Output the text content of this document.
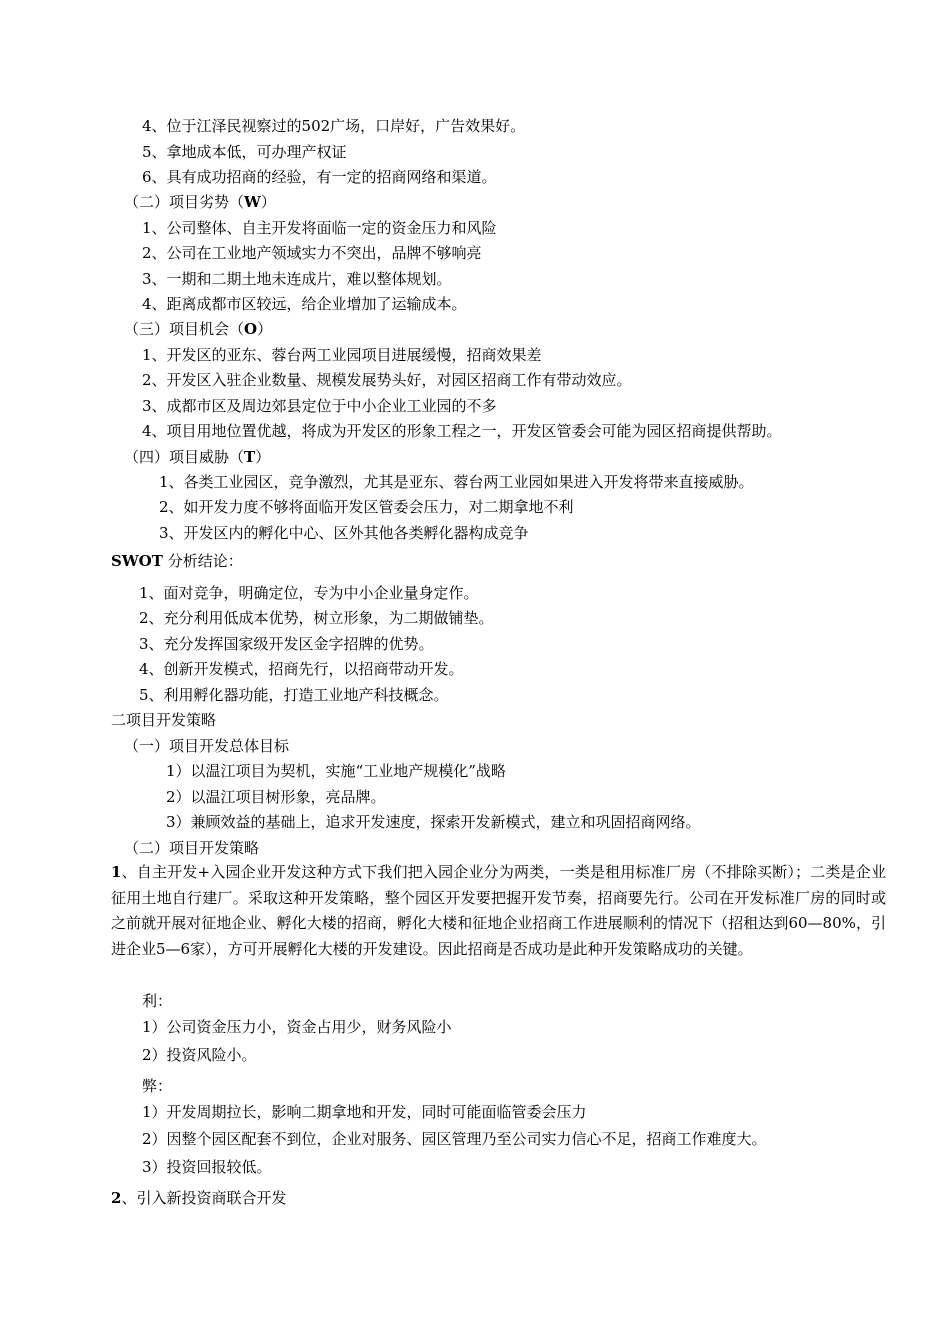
4、位于江泽民视察过的502广场，口岸好，广告效果好。
5、拿地成本低，可办理产权证
6、具有成功招商的经验，有一定的招商网络和渠道。
（二）项目劣势（W）
1、公司整体、自主开发将面临一定的资金压力和风险
2、公司在工业地产领域实力不突出，品牌不够响亮
3、一期和二期土地未连成片，难以整体规划。
4、距离成都市区较远，给企业增加了运输成本。
（三）项目机会（O）
1、开发区的亚东、蓉台两工业园项目进展缓慢，招商效果差
2、开发区入驻企业数量、规模发展势头好，对园区招商工作有带动效应。
3、成都市区及周边郊县定位于中小企业工业园的不多
4、项目用地位置优越，将成为开发区的形象工程之一，开发区管委会可能为园区招商提供帮助。
（四）项目威胁（T）
1、各类工业园区，竞争激烈，尤其是亚东、蓉台两工业园如果进入开发将带来直接威胁。
2、如开发力度不够将面临开发区管委会压力，对二期拿地不利
3、开发区内的孵化中心、区外其他各类孵化器构成竞争
SWOT 分析结论：
1、面对竞争，明确定位，专为中小企业量身定作。
2、充分利用低成本优势，树立形象，为二期做铺垫。
3、充分发挥国家级开发区金字招牌的优势。
4、创新开发模式，招商先行，以招商带动开发。
5、利用孵化器功能，打造工业地产科技概念。
二项目开发策略
（一）项目开发总体目标
1）以温江项目为契机，实施“工业地产规模化”战略
2）以温江项目树形象，亮品牌。
3）兼顾效益的基础上，追求开发速度，探索开发新模式，建立和巩固招商网络。
（二）项目开发策略
1、自主开发+入园企业开发这种方式下我们把入园企业分为两类，一类是租用标准厂房（不排除买断）；二类是企业征用土地自行建厂。采取这种开发策略，整个园区开发要把握开发节奏，招商要先行。公司在开发标准厂房的同时或之前就开展对征地企业、孵化大楼的招商，孵化大楼和征地企业招商工作进展顺利的情况下（招租达到60—80%，引进企业5—6家），方可开展孵化大楼的开发建设。因此招商是否成功是此种开发策略成功的关键。
利：
1）公司资金压力小，资金占用少，财务风险小
2）投资风险小。
弊：
1）开发周期拉长，影响二期拿地和开发，同时可能面临管委会压力
2）因整个园区配套不到位，企业对服务、园区管理乃至公司实力信心不足，招商工作难度大。
3）投资回报较低。
2、引入新投资商联合开发
